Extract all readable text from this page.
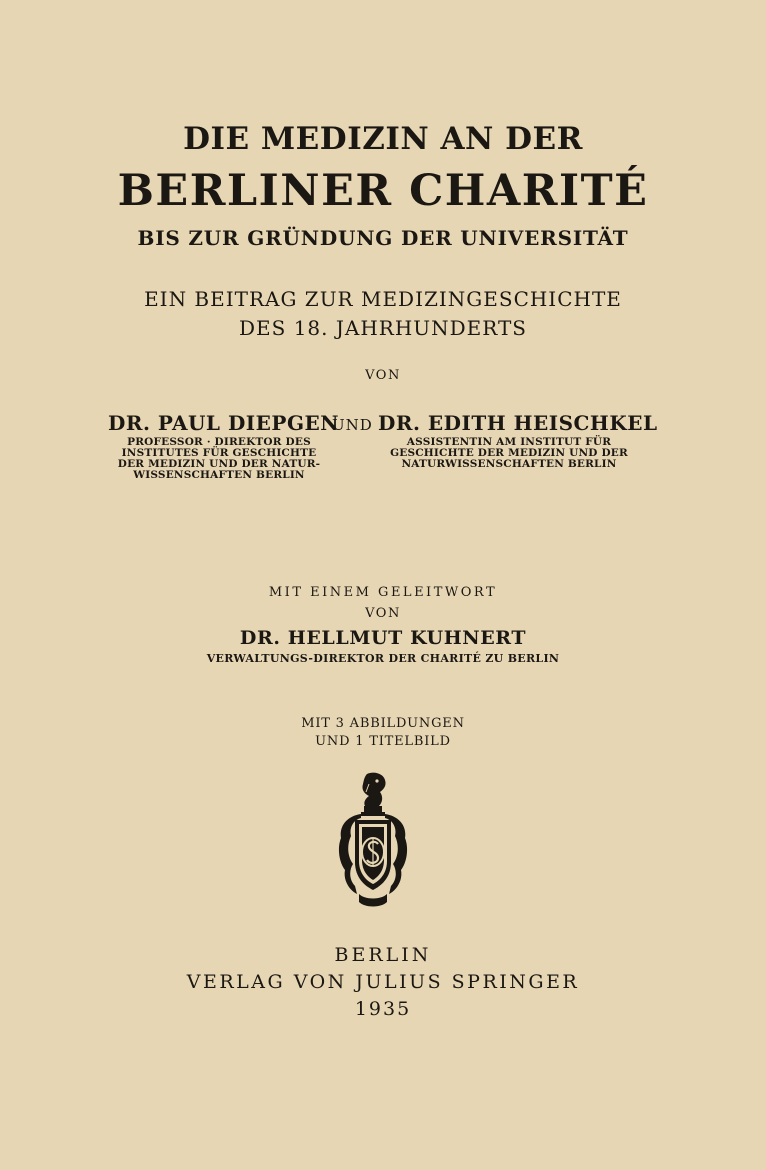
DIE MEDIZIN AN DER

BERLINER CHARITÉ

BIS ZUR GRÜNDUNG DER UNIVERSITÄT

EIN BEITRAG ZUR MEDIZINGESCHICHTE

DES 18. JAHRHUNDERTS

VON

DR. PAUL DIEPGEN
PROFESSOR · DIREKTOR DES
INSTITUTES FÜR GESCHICHTE
DER MEDIZIN UND DER NATUR-
WISSENSCHAFTEN BERLIN
UND DR. EDITH HEISCHKEL
ASSISTENTIN AM INSTITUT FÜR
GESCHICHTE DER MEDIZIN UND DER
NATURWISSENSCHAFTEN BERLIN

MIT EINEM GELEITWORT

VON

DR. HELLMUT KUHNERT

VERWALTUNGS-DIREKTOR DER CHARITÉ ZU BERLIN

MIT 3 ABBILDUNGEN

UND 1 TITELBILD

BERLIN

VERLAG VON JULIUS SPRINGER

1935
